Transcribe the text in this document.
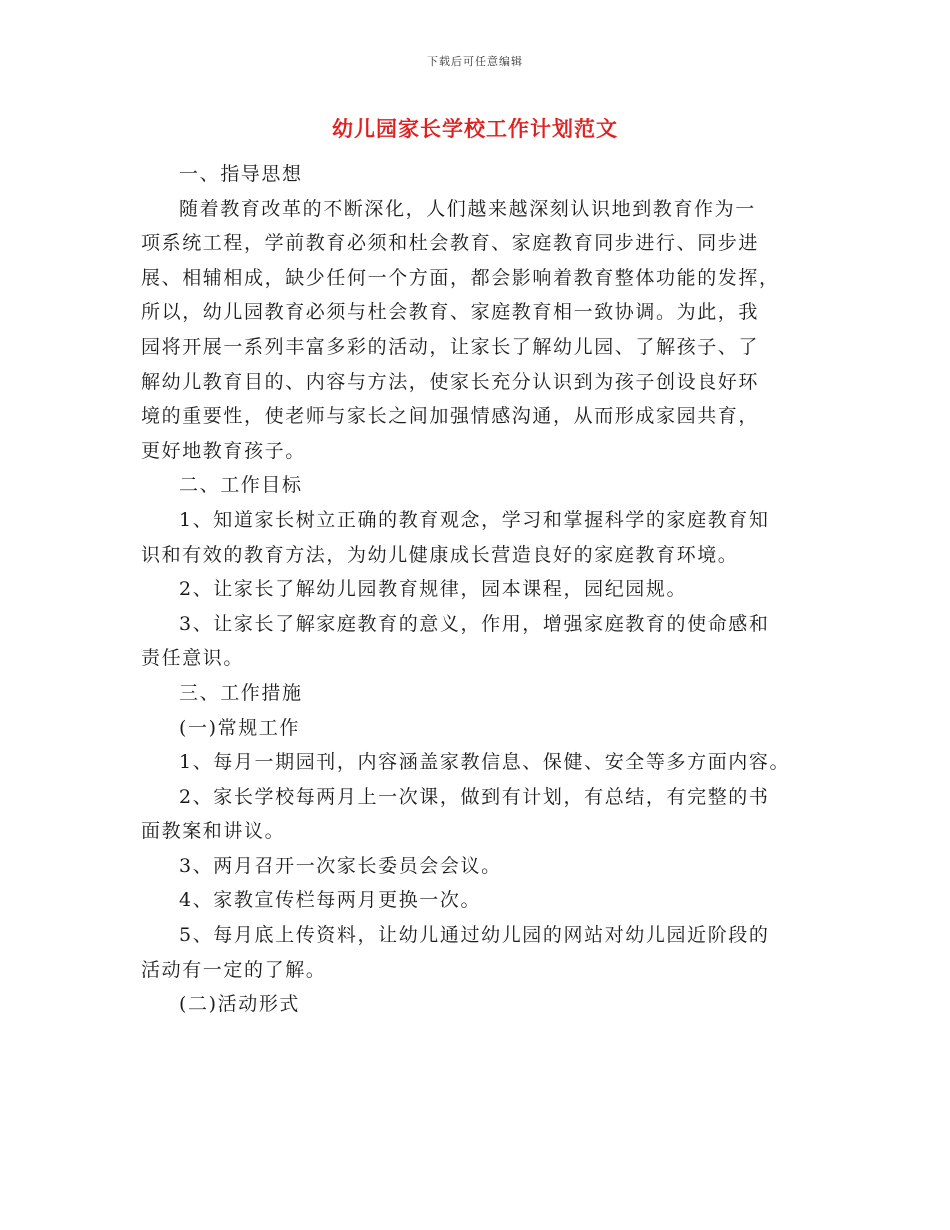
下载后可任意编辑
幼儿园家长学校工作计划范文
一、指导思想
随着教育改革的不断深化，人们越来越深刻认识地到教育作为一
项系统工程，学前教育必须和杜会教育、家庭教育同步进行、同步进
展、相辅相成，缺少任何一个方面，都会影响着教育整体功能的发挥，
所以，幼儿园教育必须与杜会教育、家庭教育相一致协调。为此，我
园将开展一系列丰富多彩的活动，让家长了解幼儿园、了解孩子、了
解幼儿教育目的、内容与方法，使家长充分认识到为孩子创设良好环
境的重要性，使老师与家长之间加强情感沟通，从而形成家园共育，
更好地教育孩子。
二、工作目标
1、知道家长树立正确的教育观念，学习和掌握科学的家庭教育知
识和有效的教育方法，为幼儿健康成长营造良好的家庭教育环境。
2、让家长了解幼儿园教育规律，园本课程，园纪园规。
3、让家长了解家庭教育的意义，作用，增强家庭教育的使命感和
责任意识。
三、工作措施
(一)常规工作
1、每月一期园刊，内容涵盖家教信息、保健、安全等多方面内容。
2、家长学校每两月上一次课，做到有计划，有总结，有完整的书
面教案和讲议。
3、两月召开一次家长委员会会议。
4、家教宣传栏每两月更换一次。
5、每月底上传资料，让幼儿通过幼儿园的网站对幼儿园近阶段的
活动有一定的了解。
(二)活动形式
